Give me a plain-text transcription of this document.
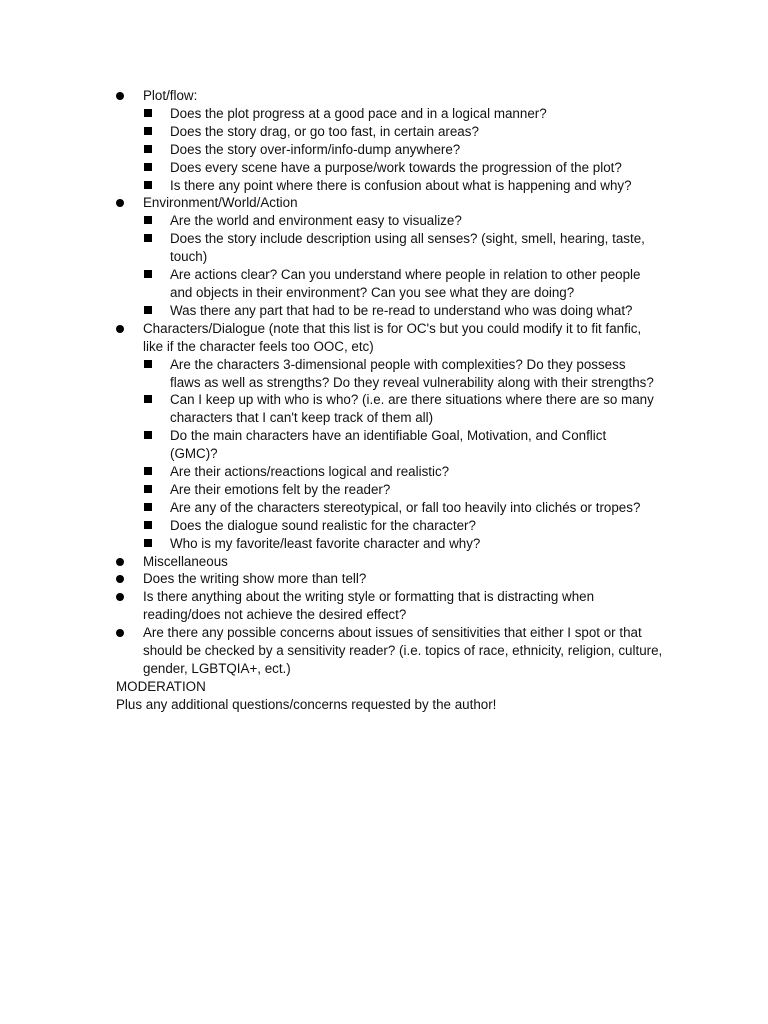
Plot/flow:
Does the plot progress at a good pace and in a logical manner?
Does the story drag, or go too fast, in certain areas?
Does the story over-inform/info-dump anywhere?
Does every scene have a purpose/work towards the progression of the plot?
Is there any point where there is confusion about what is happening and why?
Environment/World/Action
Are the world and environment easy to visualize?
Does the story include description using all senses? (sight, smell, hearing, taste, touch)
Are actions clear? Can you understand where people in relation to other people and objects in their environment? Can you see what they are doing?
Was there any part that had to be re-read to understand who was doing what?
Characters/Dialogue (note that this list is for OC's but you could modify it to fit fanfic, like if the character feels too OOC, etc)
Are the characters 3-dimensional people with complexities? Do they possess flaws as well as strengths? Do they reveal vulnerability along with their strengths?
Can I keep up with who is who? (i.e. are there situations where there are so many characters that I can't keep track of them all)
Do the main characters have an identifiable Goal, Motivation, and Conflict (GMC)?
Are their actions/reactions logical and realistic?
Are their emotions felt by the reader?
Are any of the characters stereotypical, or fall too heavily into clichés or tropes?
Does the dialogue sound realistic for the character?
Who is my favorite/least favorite character and why?
Miscellaneous
Does the writing show more than tell?
Is there anything about the writing style or formatting that is distracting when reading/does not achieve the desired effect?
Are there any possible concerns about issues of sensitivities that either I spot or that should be checked by a sensitivity reader? (i.e. topics of race, ethnicity, religion, culture, gender, LGBTQIA+, ect.)
MODERATION
Plus any additional questions/concerns requested by the author!
